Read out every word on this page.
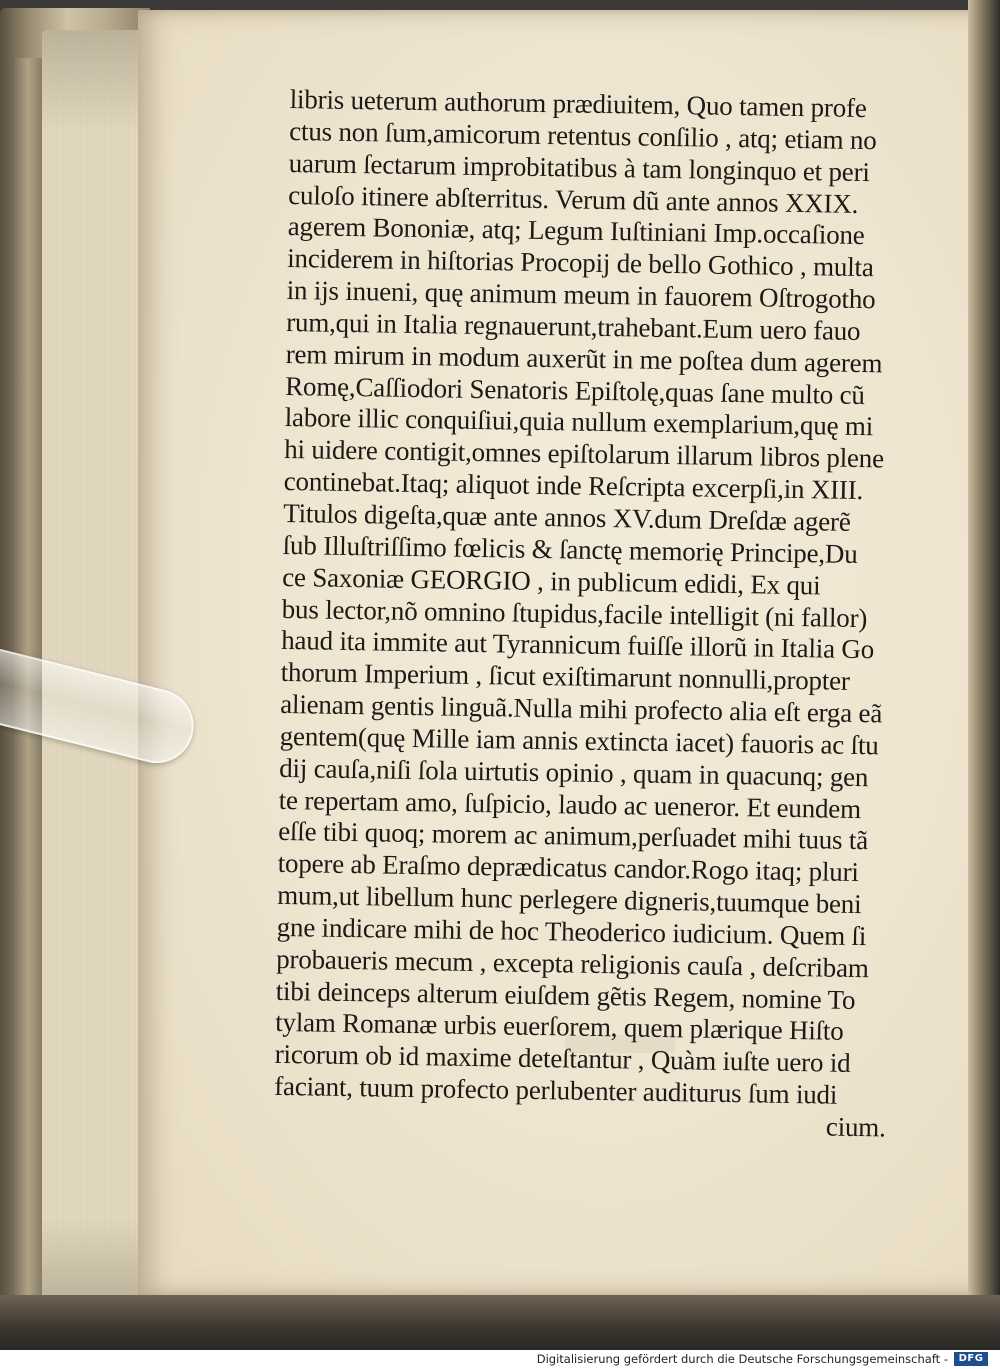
libris ueterum authorum prædiuitem, Quo tamen profe
ctus non ſum,amicorum retentus conſilio , atq; etiam no
uarum ſectarum improbitatibus à tam longinquo et peri
culoſo itinere abſterritus. Verum dũ ante annos XXIX.
agerem Bononiæ, atq; Legum Iuſtiniani Imp.occaſione
inciderem in hiſtorias Procopij de bello Gothico , multa
in ijs inueni, quę animum meum in fauorem Oſtrogotho
rum,qui in Italia regnauerunt,trahebant.Eum uero fauo
rem mirum in modum auxerũt in me poſtea dum agerem
Romę,Caſſiodori Senatoris Epiſtolę,quas ſane multo cũ
labore illic conquiſiui,quia nullum exemplarium,quę mi
hi uidere contigit,omnes epiſtolarum illarum libros plene
continebat.Itaq; aliquot inde Reſcripta excerpſi,in XIII.
Titulos digeſta,quæ ante annos XV.dum Dreſdæ agerẽ
ſub Illuſtriſſimo fœlicis & ſanctę memorię Principe,Du
ce Saxoniæ GEORGIO , in publicum edidi, Ex qui
bus lector,nõ omnino ſtupidus,facile intelligit (ni fallor)
haud ita immite aut Tyrannicum fuiſſe illorũ in Italia Go
thorum Imperium , ſicut exiſtimarunt nonnulli,propter
alienam gentis linguã.Nulla mihi profecto alia eſt erga eã
gentem(quę Mille iam annis extincta iacet) fauoris ac ſtu
dij cauſa,niſi ſola uirtutis opinio , quam in quacunq; gen
te repertam amo, ſuſpicio, laudo ac ueneror. Et eundem
eſſe tibi quoq; morem ac animum,perſuadet mihi tuus tã
topere ab Eraſmo deprædicatus candor.Rogo itaq; pluri
mum,ut libellum hunc perlegere digneris,tuumque beni
gne indicare mihi de hoc Theoderico iudicium. Quem ſi
probaueris mecum , excepta religionis cauſa , deſcribam
tibi deinceps alterum eiuſdem gẽtis Regem, nomine To
tylam Romanæ urbis euerſorem, quem plærique Hiſto
ricorum ob id maxime deteſtantur , Quàm iuſte uero id
faciant, tuum profecto perlubenter auditurus ſum iudi
cium.
Digitalisierung gefördert durch die Deutsche Forschungsgemeinschaft -	DFG
